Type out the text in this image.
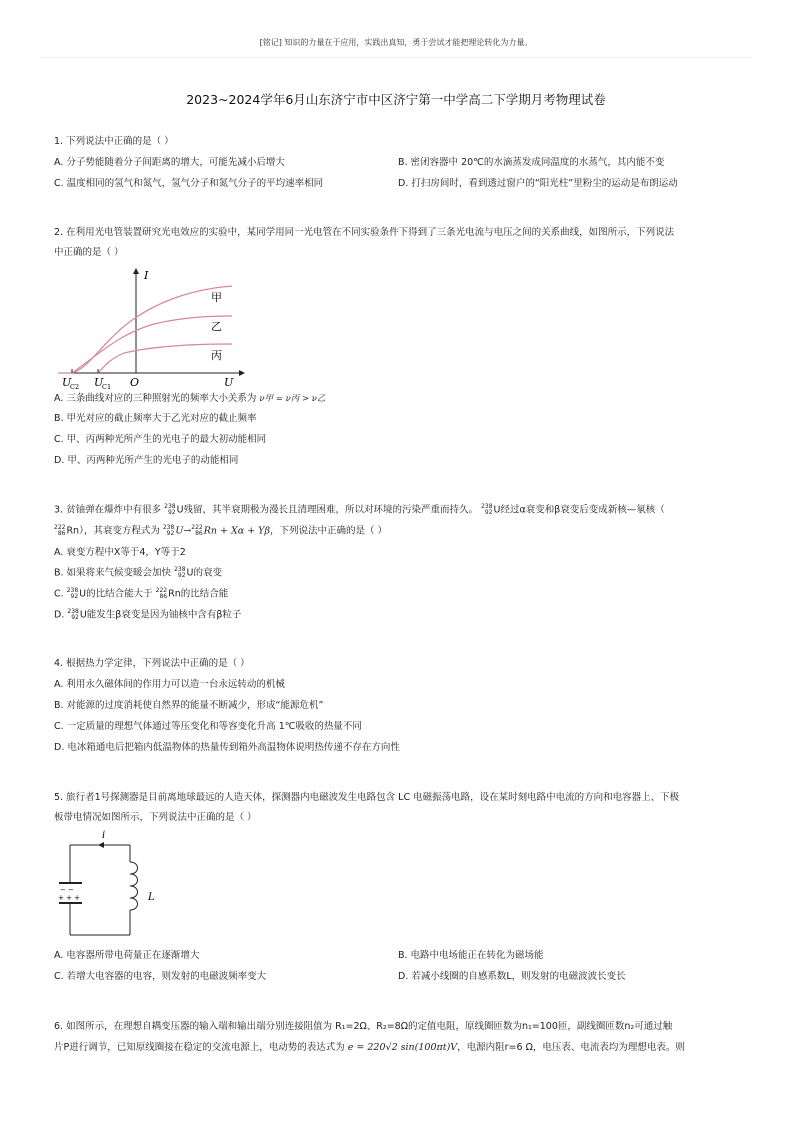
[铭记] 知识的力量在于应用，实践出真知，勇于尝试才能把理论转化为力量。
2023~2024学年6月山东济宁市中区济宁第一中学高二下学期月考物理试卷
1. 下列说法中正确的是（ ）
A. 分子势能随着分子间距离的增大，可能先减小后增大	B. 密闭容器中 20℃的水滴蒸发成同温度的水蒸气，其内能不变
C. 温度相同的氢气和氮气，氢气分子和氮气分子的平均速率相同	D. 打扫房间时，看到透过窗户的“阳光柱”里粉尘的运动是布朗运动
2. 在利用光电管装置研究光电效应的实验中，某同学用同一光电管在不同实验条件下得到了三条光电流与电压之间的关系曲线，如图所示，下列说法
中正确的是（ ）
I
U
O
U
C2 U
C1
甲
乙
丙
A. 三条曲线对应的三种照射光的频率大小关系为 ν甲 = ν丙 > ν乙
B. 甲光对应的截止频率大于乙光对应的截止频率
C. 甲、丙两种光所产生的光电子的最大初动能相同
D. 甲、丙两种光所产生的光电子的动能相同
3. 贫铀弹在爆炸中有很多 238
92U残留，其半衰期极为漫长且清理困难，所以对环境的污染严重而持久。 238
92U经过α衰变和β衰变后变成新核—氡核（
222
86Rn），其衰变方程式为 238
92U→222
86Rn + Xα + Yβ，下列说法中正确的是（ ）
A. 衰变方程中X等于4，Y等于2
B. 如果将来气候变暖会加快 238
92U的衰变
C. 238
92U的比结合能大于 222
86Rn的比结合能
D. 238
92U能发生β衰变是因为铀核中含有β粒子
4. 根据热力学定律，下列说法中正确的是（ ）
A. 利用永久磁体间的作用力可以造一台永远转动的机械
B. 对能源的过度消耗使自然界的能量不断减少，形成“能源危机”
C. 一定质量的理想气体通过等压变化和等容变化升高 1℃吸收的热量不同
D. 电冰箱通电后把箱内低温物体的热量传到箱外高温物体说明热传递不存在方向性
5. 旅行者1号探测器是目前离地球最远的人造天体，探测器内电磁波发生电路包含 LC 电磁振荡电路，设在某时刻电路中电流的方向和电容器上、下极
板带电情况如图所示，下列说法中正确的是（ ）
i
L
− −
+ + +
A. 电容器所带电荷量正在逐渐增大	B. 电路中电场能正在转化为磁场能
C. 若增大电容器的电容，则发射的电磁波频率变大	D. 若减小线圈的自感系数L，则发射的电磁波波长变长
6. 如图所示，在理想自耦变压器的输入端和输出端分别连接阻值为 R₁=2Ω、R₂=8Ω的定值电阻，原线圈匝数为n₁=100匝，副线圈匝数n₂可通过触
片P进行调节，已知原线圈接在稳定的交流电源上，电动势的表达式为 e = 220√2 sin(100πt)V，电源内阻r=6 Ω，电压表、电流表均为理想电表。则
